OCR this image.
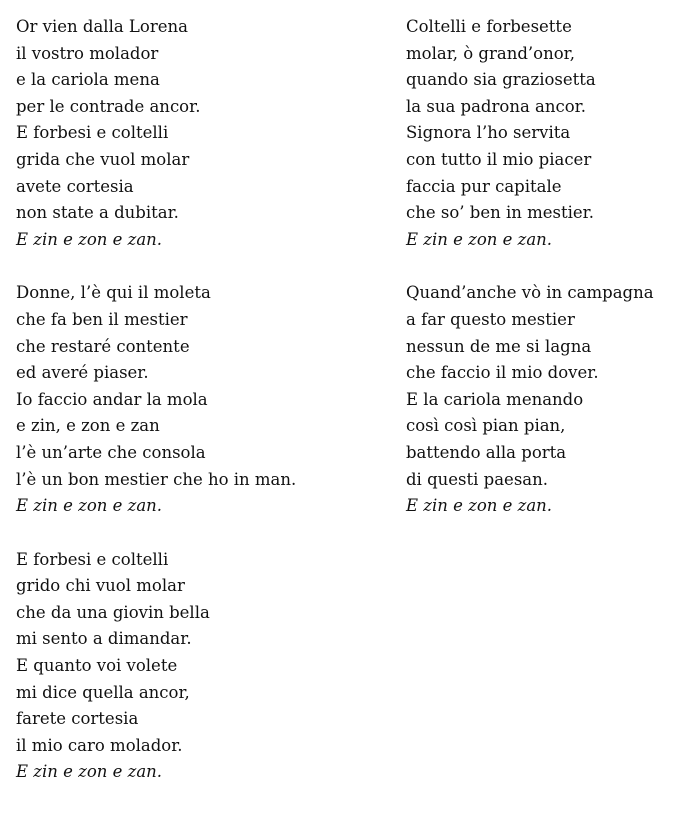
Or vien dalla Lorena
il vostro molador
e la cariola mena
per le contrade ancor.
E forbesi e coltelli
grida che vuol molar
avete cortesia
non state a dubitar.
E zin e zon e zan.
Donne, l’è qui il moleta
che fa ben il mestier
che restaré contente
ed averé piaser.
Io faccio andar la mola
e zin, e zon e zan
l’è un’arte che consola
l’è un bon mestier che ho in man.
E zin e zon e zan.
E forbesi e coltelli
grido chi vuol molar
che da una giovin bella
mi sento a dimandar.
E quanto voi volete
mi dice quella ancor,
farete cortesia
il mio caro molador.
E zin e zon e zan.
Coltelli e forbesette
molar, ò grand’onor,
quando sia graziosetta
la sua padrona ancor.
Signora l’ho servita
con tutto il mio piacer
faccia pur capitale
che so’ ben in mestier.
E zin e zon e zan.
Quand’anche vò in campagna
a far questo mestier
nessun de me si lagna
che faccio il mio dover.
E la cariola menando
così così pian pian,
battendo alla porta
di questi paesan.
E zin e zon e zan.
